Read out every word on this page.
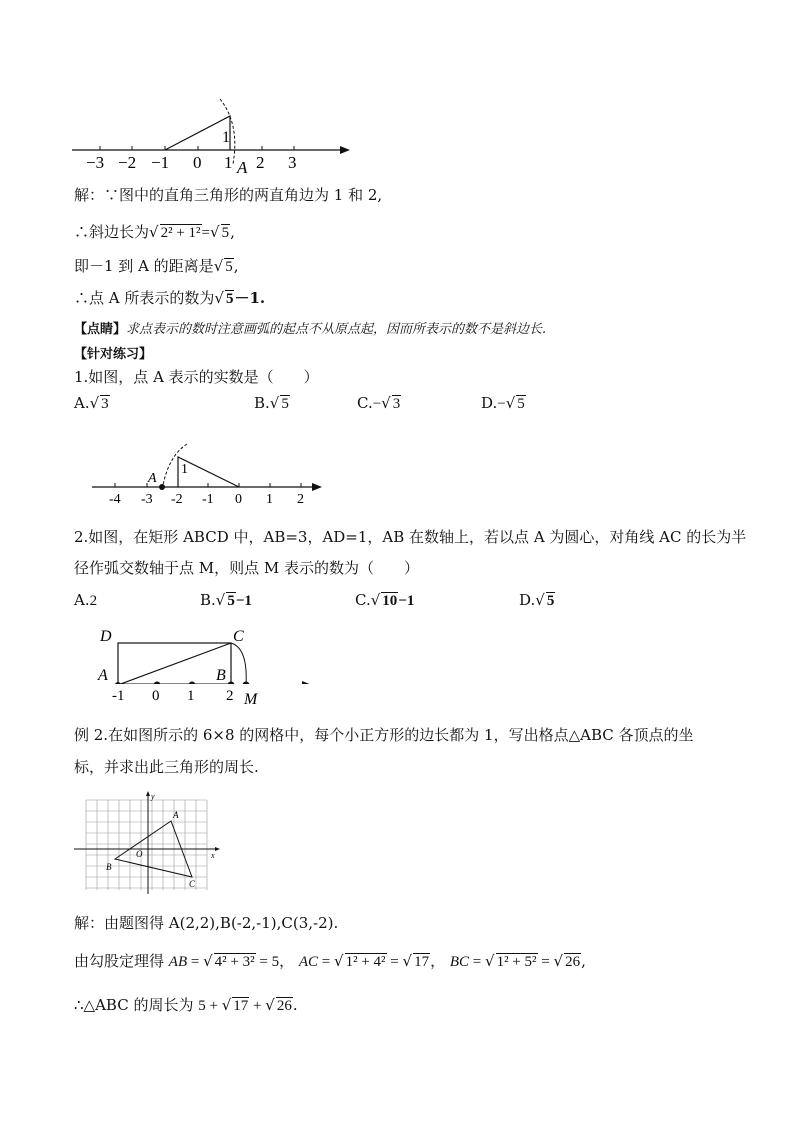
−3 −2 −1 0 1 2 3
1
A
解：∵图中的直角三角形的两直角边为 1 和 2,
∴斜边长为√ 2² + 1²=√ 5,
即－1 到 A 的距离是√ 5,
∴点 A 所表示的数为√ 5－1.
【点睛】求点表示的数时注意画弧的起点不从原点起，因而所表示的数不是斜边长.
【针对练习】
1.如图，点 A 表示的实数是（　　）
A.√ 3	B.√ 5	C.−√ 3	D.−√ 5
1
A
-4 -3 -2 -1 0 1 2
2.如图，在矩形 ABCD 中，AB=3，AD=1，AB 在数轴上，若以点 A 为圆心，对角线 AC 的长为半
径作弧交数轴于点 M，则点 M 表示的数为（　　）
A.2	B.√ 5−1	C.√ 10−1	D.√ 5
D	C
A	B
-1 0 1 2 M
例 2.在如图所示的 6×8 的网格中，每个小正方形的边长都为 1，写出格点△ABC 各顶点的坐
标，并求出此三角形的周长.
y
x
O
A
B
C
解：由题图得 A(2,2),B(-2,-1),C(3,-2).
由勾股定理得 AB = √ 4² + 3² = 5， AC = √ 1² + 4² = √ 17， BC = √ 1² + 5² = √ 26,
∴△ABC 的周长为 5 + √ 17 + √ 26.
